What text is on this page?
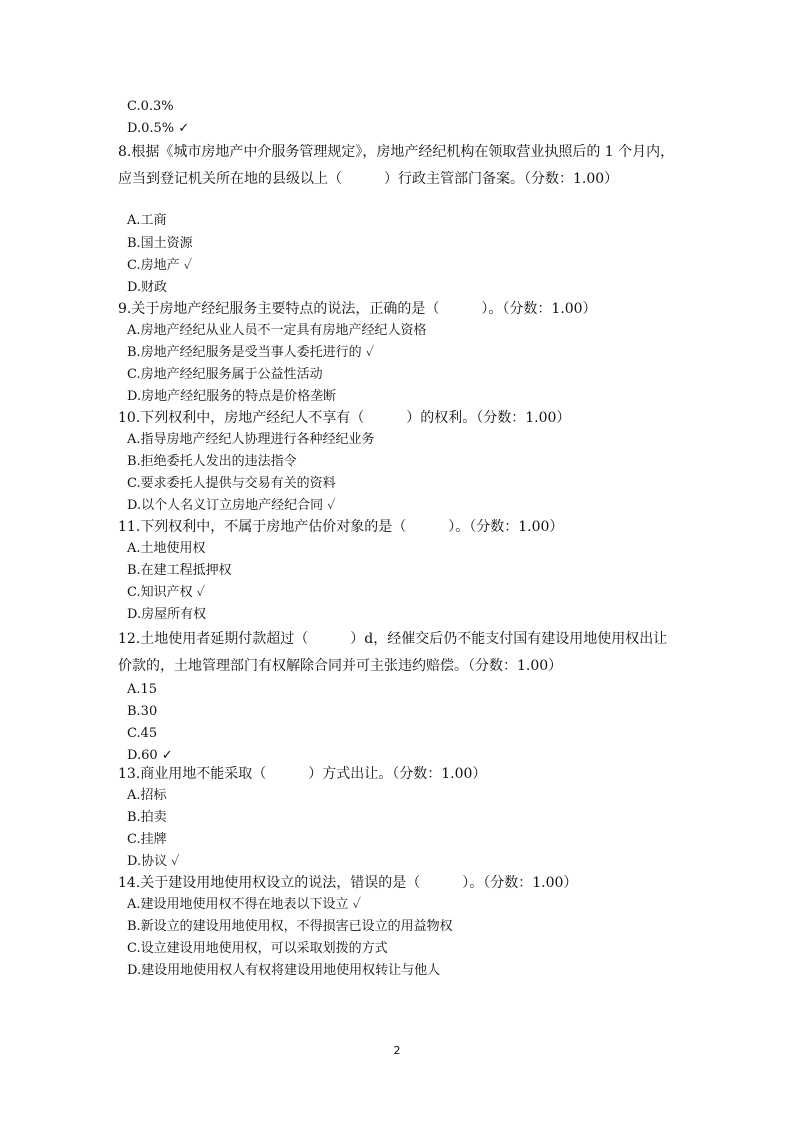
C.0.3%
D.0.5% ✓
8.根据《城市房地产中介服务管理规定》，房地产经纪机构在领取营业执照后的 1 个月内，
应当到登记机关所在地的县级以上（　　　）行政主管部门备案。（分数：1.00）
A.工商
B.国土资源
C.房地产 ✓
D.财政
9.关于房地产经纪服务主要特点的说法，正确的是（　　　）。（分数：1.00）
A.房地产经纪从业人员不一定具有房地产经纪人资格
B.房地产经纪服务是受当事人委托进行的 ✓
C.房地产经纪服务属于公益性活动
D.房地产经纪服务的特点是价格垄断
10.下列权利中，房地产经纪人不享有（　　　）的权利。（分数：1.00）
A.指导房地产经纪人协理进行各种经纪业务
B.拒绝委托人发出的违法指令
C.要求委托人提供与交易有关的资料
D.以个人名义订立房地产经纪合同 ✓
11.下列权利中，不属于房地产估价对象的是（　　　）。（分数：1.00）
A.土地使用权
B.在建工程抵押权
C.知识产权 ✓
D.房屋所有权
12.土地使用者延期付款超过（　　　）d，经催交后仍不能支付国有建设用地使用权出让
价款的，土地管理部门有权解除合同并可主张违约赔偿。（分数：1.00）
A.15
B.30
C.45
D.60 ✓
13.商业用地不能采取（　　　）方式出让。（分数：1.00）
A.招标
B.拍卖
C.挂牌
D.协议 ✓
14.关于建设用地使用权设立的说法，错误的是（　　　）。（分数：1.00）
A.建设用地使用权不得在地表以下设立 ✓
B.新设立的建设用地使用权，不得损害已设立的用益物权
C.设立建设用地使用权，可以采取划拨的方式
D.建设用地使用权人有权将建设用地使用权转让与他人
2
